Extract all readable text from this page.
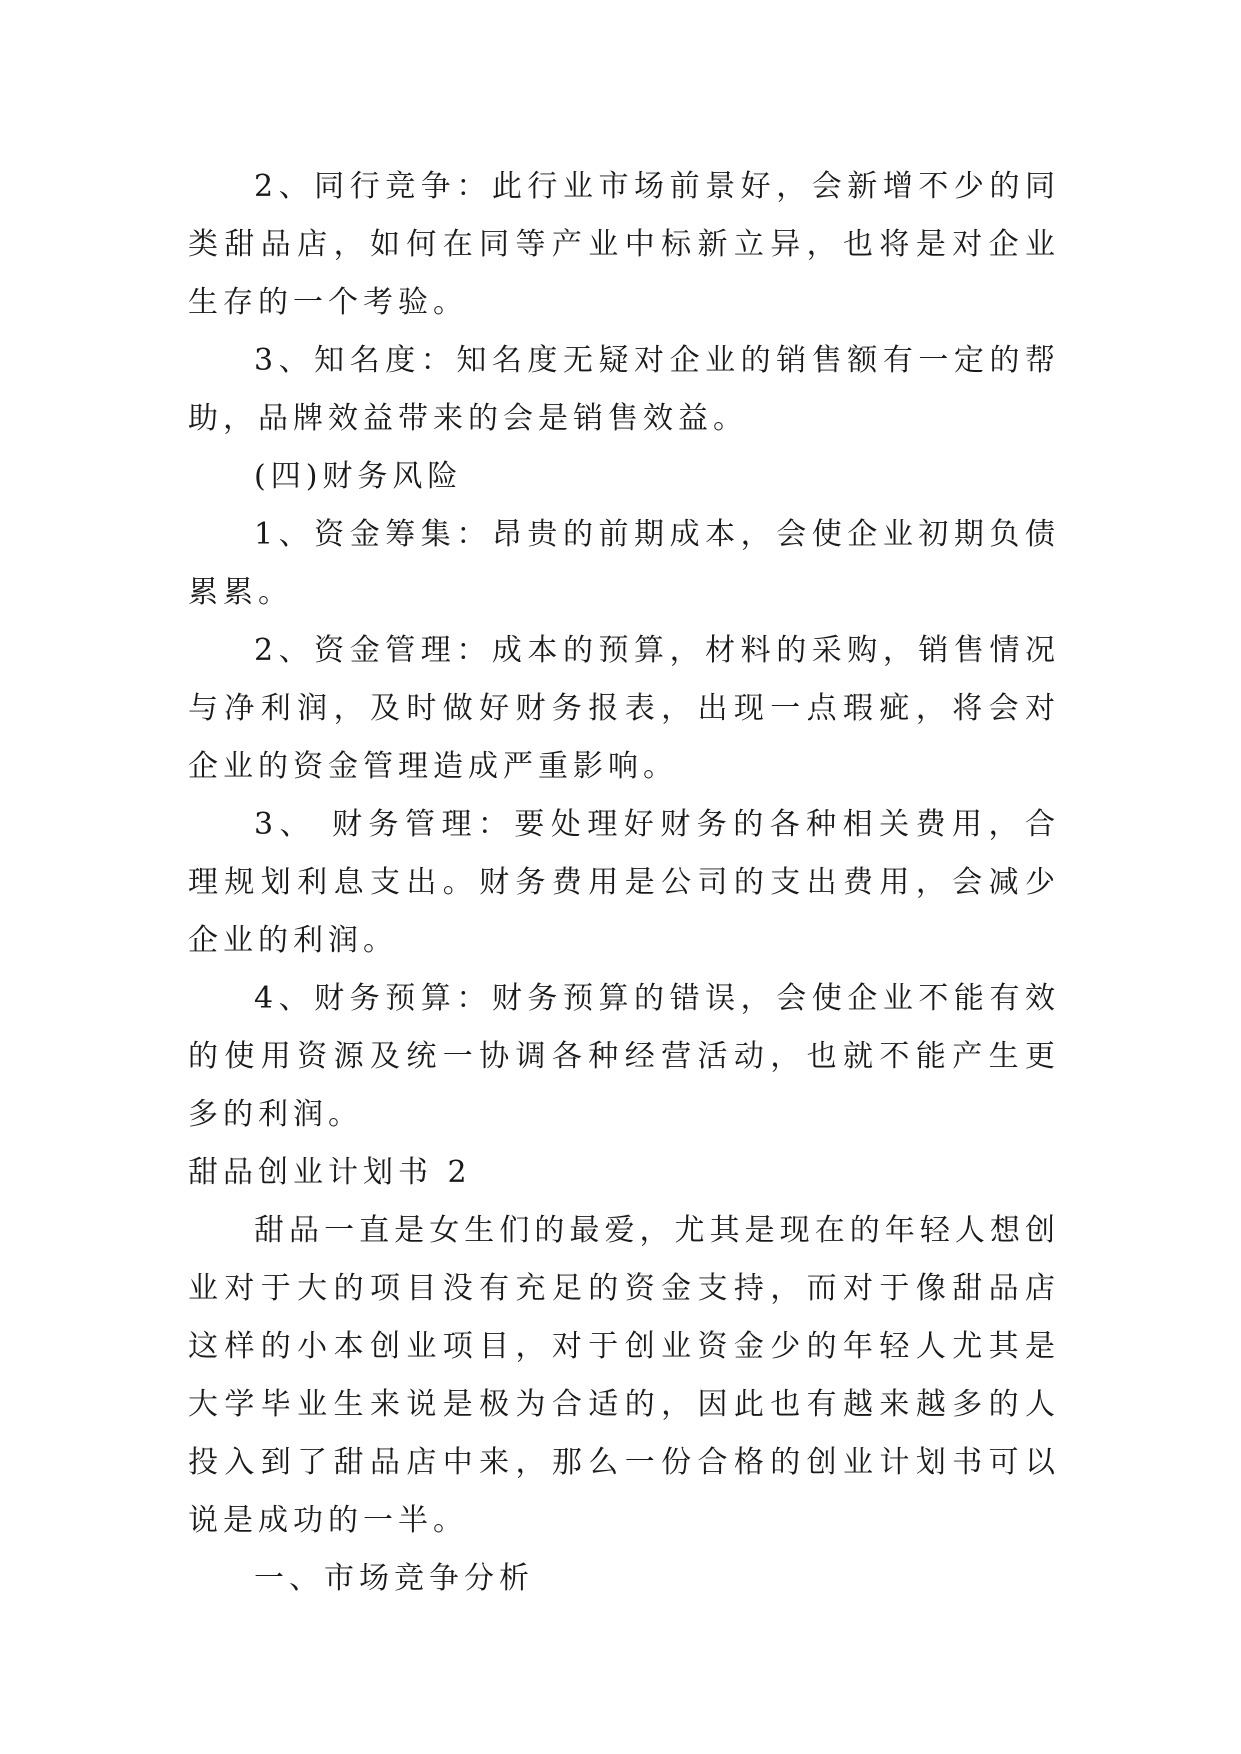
2、同行竞争：此行业市场前景好，会新增不少的同类甜品店，如何在同等产业中标新立异，也将是对企业生存的一个考验。

3、知名度：知名度无疑对企业的销售额有一定的帮助，品牌效益带来的会是销售效益。

(四)财务风险

1、资金筹集：昂贵的前期成本，会使企业初期负债累累。

2、资金管理：成本的预算，材料的采购，销售情况与净利润，及时做好财务报表，出现一点瑕疵，将会对企业的资金管理造成严重影响。

3、 财务管理：要处理好财务的各种相关费用，合理规划利息支出。财务费用是公司的支出费用，会减少企业的利润。

4、财务预算：财务预算的错误，会使企业不能有效的使用资源及统一协调各种经营活动，也就不能产生更多的利润。

甜品创业计划书 2

甜品一直是女生们的最爱，尤其是现在的年轻人想创业对于大的项目没有充足的资金支持，而对于像甜品店这样的小本创业项目，对于创业资金少的年轻人尤其是大学毕业生来说是极为合适的，因此也有越来越多的人投入到了甜品店中来，那么一份合格的创业计划书可以说是成功的一半。

一、市场竞争分析
